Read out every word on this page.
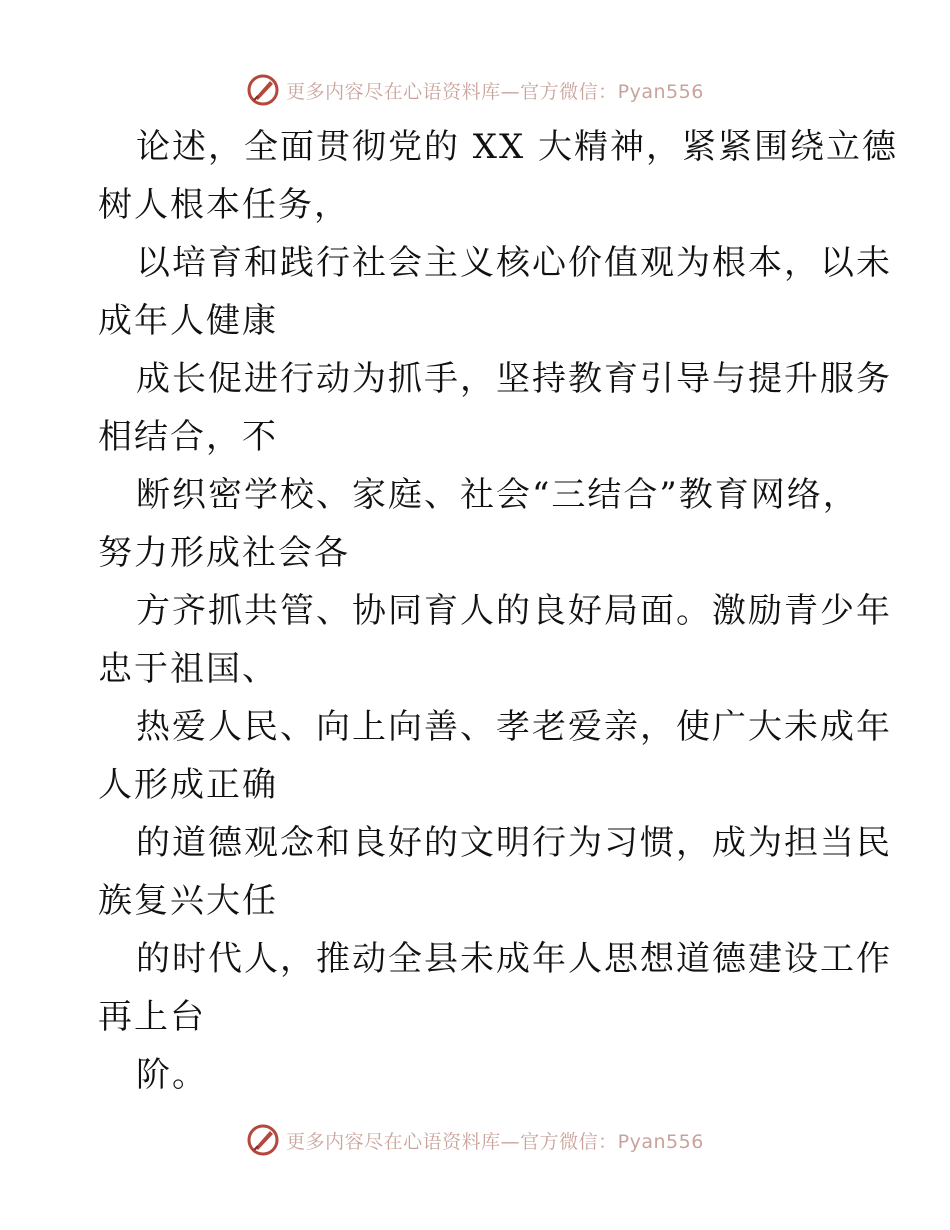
更多内容尽在心语资料库—官方微信：Pyan556
论述，全面贯彻党的 XX 大精神，紧紧围绕立德
树人根本任务，
以培育和践行社会主义核心价值观为根本，以未
成年人健康
成长促进行动为抓手，坚持教育引导与提升服务
相结合，不
断织密学校、家庭、社会“三结合”教育网络，
努力形成社会各
方齐抓共管、协同育人的良好局面。激励青少年
忠于祖国、
热爱人民、向上向善、孝老爱亲，使广大未成年
人形成正确
的道德观念和良好的文明行为习惯，成为担当民
族复兴大任
的时代人，推动全县未成年人思想道德建设工作
再上台
阶。
更多内容尽在心语资料库—官方微信：Pyan556
